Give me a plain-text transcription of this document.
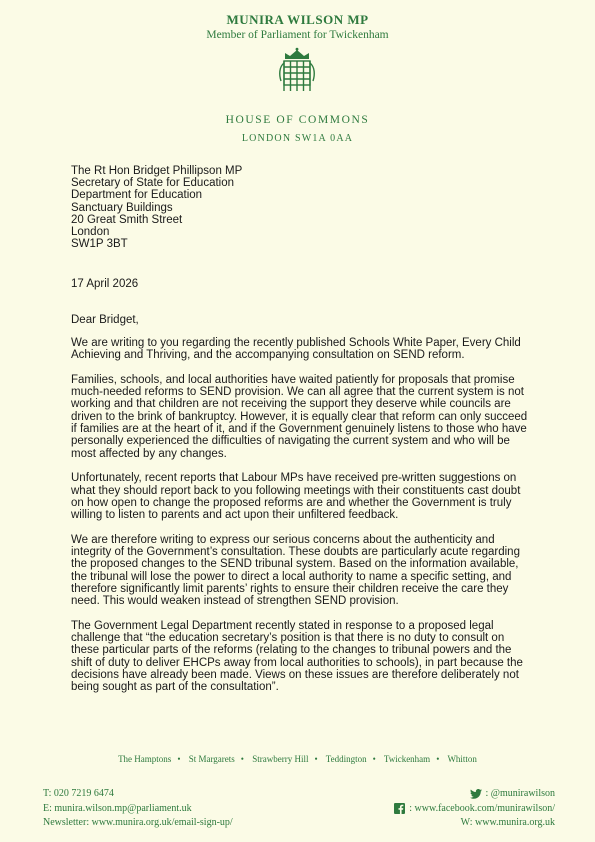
MUNIRA WILSON MP
Member of Parliament for Twickenham
HOUSE OF COMMONS
LONDON SW1A 0AA
The Rt Hon Bridget Phillipson MP
Secretary of State for Education
Department for Education
Sanctuary Buildings
20 Great Smith Street
London
SW1P 3BT
17 April 2026
Dear Bridget,

We are writing to you regarding the recently published Schools White Paper, Every Child Achieving and Thriving, and the accompanying consultation on SEND reform.

Families, schools, and local authorities have waited patiently for proposals that promise much-needed reforms to SEND provision. We can all agree that the current system is not working and that children are not receiving the support they deserve while councils are driven to the brink of bankruptcy. However, it is equally clear that reform can only succeed if families are at the heart of it, and if the Government genuinely listens to those who have personally experienced the difficulties of navigating the current system and who will be most affected by any changes.

Unfortunately, recent reports that Labour MPs have received pre-written suggestions on what they should report back to you following meetings with their constituents cast doubt on how open to change the proposed reforms are and whether the Government is truly willing to listen to parents and act upon their unfiltered feedback.

We are therefore writing to express our serious concerns about the authenticity and integrity of the Government’s consultation. These doubts are particularly acute regarding the proposed changes to the SEND tribunal system. Based on the information available, the tribunal will lose the power to direct a local authority to name a specific setting, and therefore significantly limit parents’ rights to ensure their children receive the care they need. This would weaken instead of strengthen SEND provision.

The Government Legal Department recently stated in response to a proposed legal challenge that “the education secretary’s position is that there is no duty to consult on these particular parts of the reforms (relating to the changes to tribunal powers and the shift of duty to deliver EHCPs away from local authorities to schools), in part because the decisions have already been made. Views on these issues are therefore deliberately not being sought as part of the consultation”.

The Hamptons • St Margarets • Strawberry Hill • Teddington • Twickenham • Whitton
T: 020 7219 6474
E: munira.wilson.mp@parliament.uk
Newsletter: www.munira.org.uk/email-sign-up/
: @munirawilson
: www.facebook.com/munirawilson/
W: www.munira.org.uk
